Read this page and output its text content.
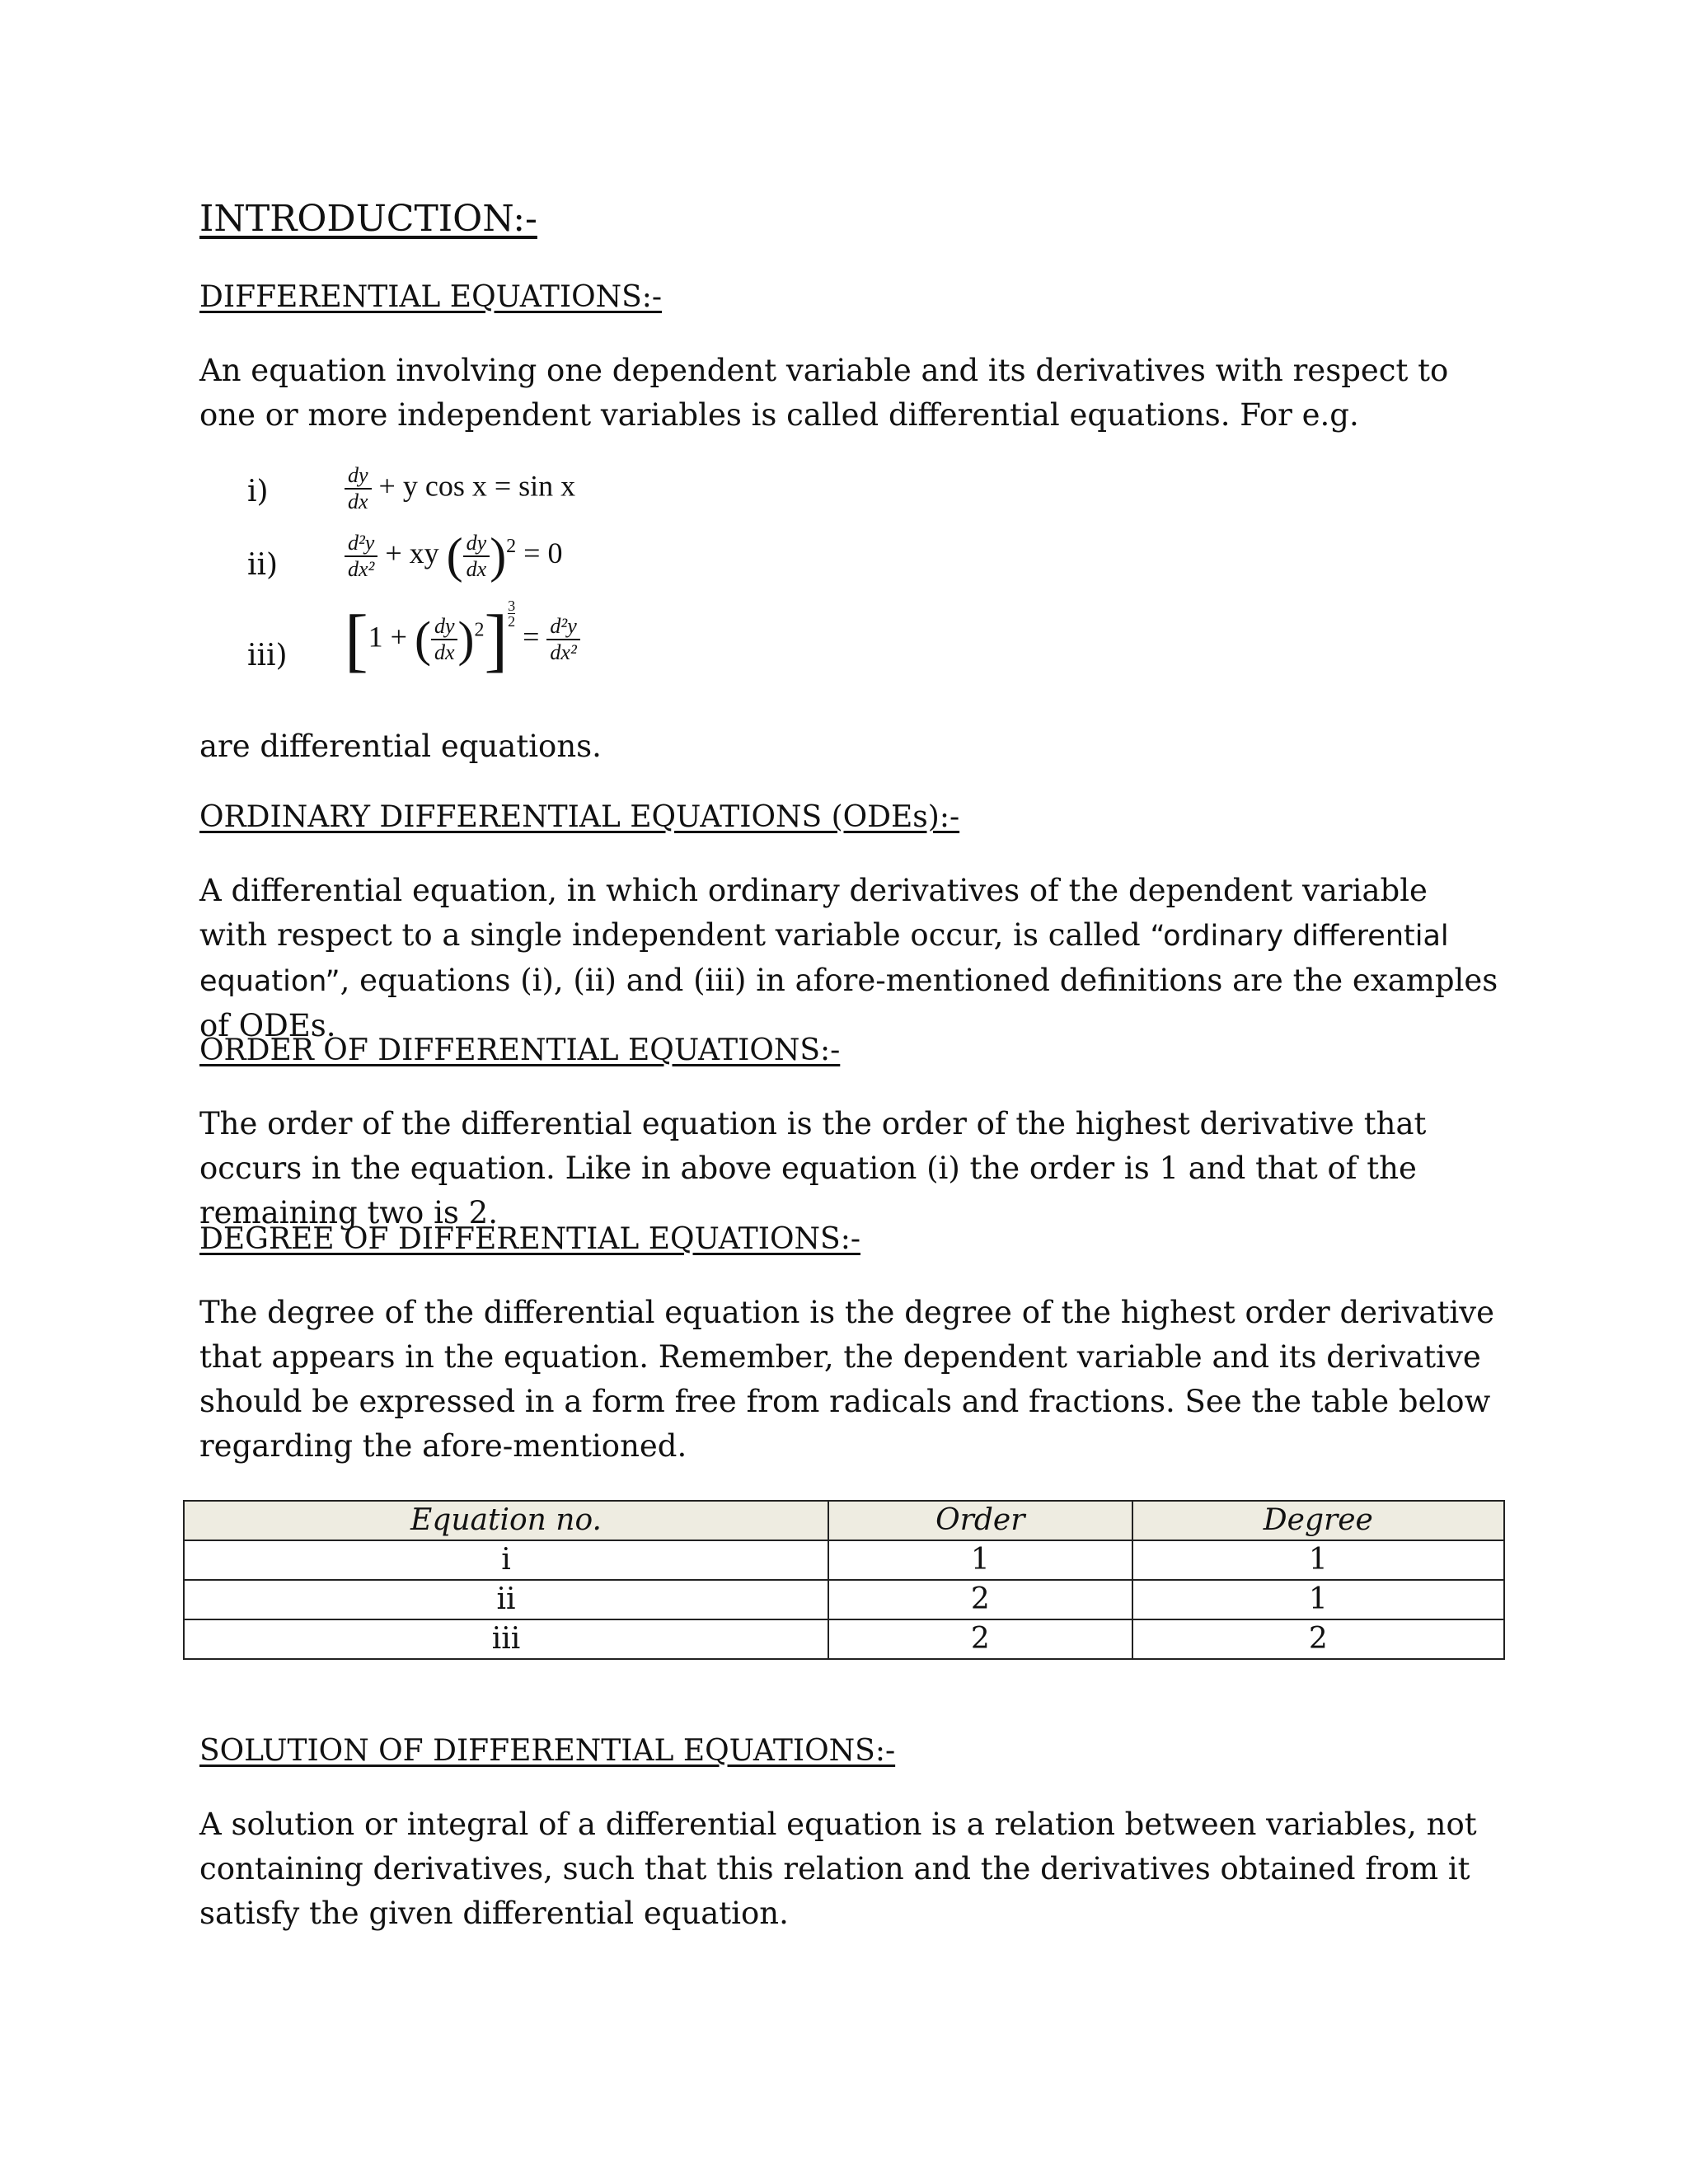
INTRODUCTION:-
DIFFERENTIAL EQUATIONS:-

An equation involving one dependent variable and its derivatives with respect to one or more independent variables is called differential equations. For e.g.

i)	$\frac{dy}{dx} + y$ cos x = sin x
ii)	$\frac{\text{d²y}}{\text{dx²}}$ + xy ( $\frac{dy}{dx} )^2 = 0$
iii) [1 + ( $\frac{dy}{dx} )^2] \frac{3}{2}$
= $\frac{\text{d²y}}{\text{dx²}}$

are differential equations.

ORDINARY DIFFERENTIAL EQUATIONS (ODEs):-

A differential equation, in which ordinary derivatives of the dependent variable with respect to a single independent variable occur, is called “ordinary differential equation”, equations (i), (ii) and (iii) in afore-mentioned definitions are the examples of ODEs.

ORDER OF DIFFERENTIAL EQUATIONS:-

The order of the differential equation is the order of the highest derivative that occurs in the equation. Like in above equation (i) the order is 1 and that of the remaining two is 2.

DEGREE OF DIFFERENTIAL EQUATIONS:-

The degree of the differential equation is the degree of the highest order derivative that appears in the equation. Remember, the dependent variable and its derivative should be expressed in a form free from radicals and fractions. See the table below regarding the afore-mentioned.

Equation no.	Order	Degree
i	1	1
ii	2	1
iii	2	2
SOLUTION OF DIFFERENTIAL EQUATIONS:-

A solution or integral of a differential equation is a relation between variables, not containing derivatives, such that this relation and the derivatives obtained from it satisfy the given differential equation.
